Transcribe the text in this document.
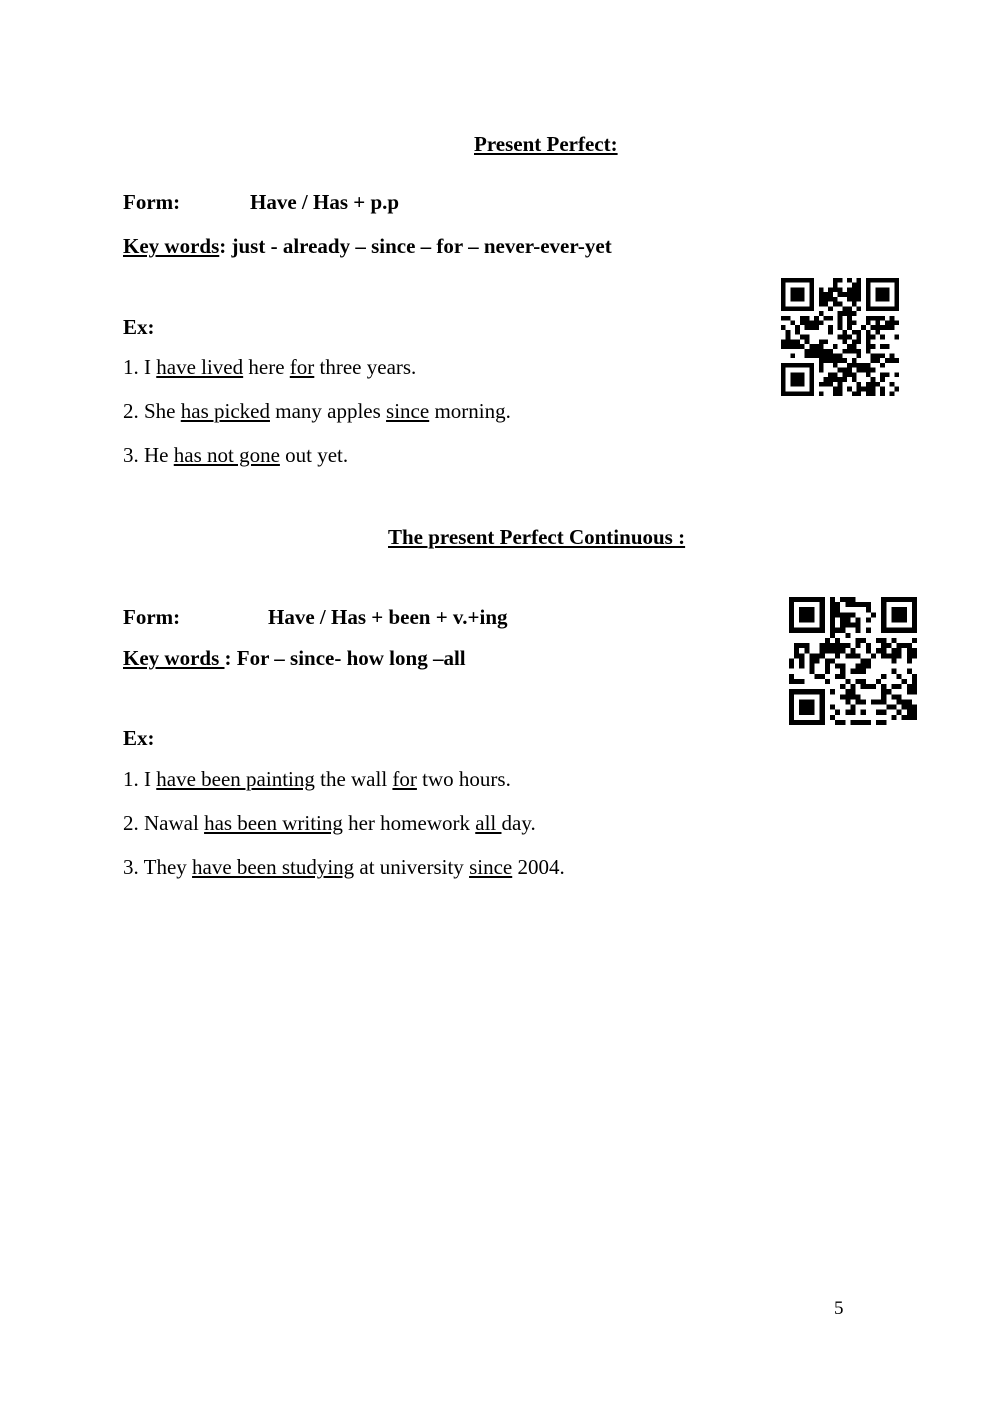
Present Perfect:
Form:	Have / Has + p.p
Key words: just - already – since – for – never-ever-yet
Ex:
1. I have lived here for three years.
2. She has picked many apples since morning.
3. He has not gone out yet.
The present Perfect Continuous :
Form:	Have / Has + been + v.+ing
Key words : For – since- how long –all
Ex:
1. I have been painting the wall for two hours.
2. Nawal has been writing her homework all day.
3. They have been studying at university since 2004.
5
